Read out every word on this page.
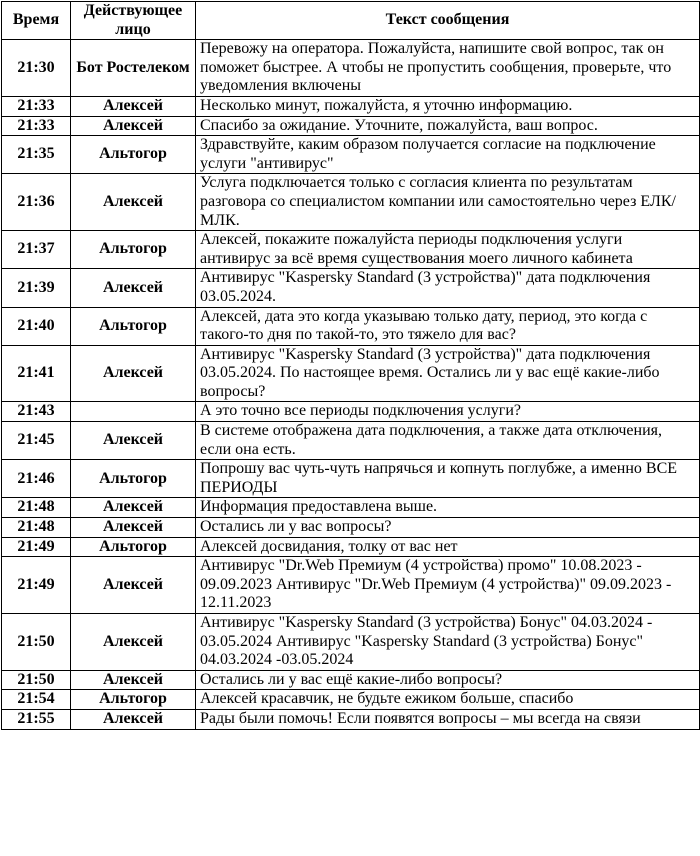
Время	Действующее лицо	Текст сообщения
21:30	Бот Ростелеком	Перевожу на оператора. Пожалуйста, напишите свой вопрос, так он поможет быстрее. А чтобы не пропустить сообщения, проверьте, что уведомления включены
21:33	Алексей	Несколько минут, пожалуйста, я уточню информацию.
21:33	Алексей	Спасибо за ожидание. Уточните, пожалуйста, ваш вопрос.
21:35	Альтогор	Здравствуйте, каким образом получается согласие на подключение услуги "антивирус"
21:36	Алексей	Услуга подключается только с согласия клиента по результатам разговора со специалистом компании или самостоятельно через ЕЛК/МЛК.
21:37	Альтогор	Алексей, покажите пожалуйста периоды подключения услуги антивирус за всё время существования моего личного кабинета
21:39	Алексей	Антивирус "Kaspersky Standard (3 устройства)" дата подключения 03.05.2024.
21:40	Альтогор	Алексей, дата это когда указываю только дату, период, это когда с такого-то дня по такой-то, это тяжело для вас?
21:41	Алексей	Антивирус "Kaspersky Standard (3 устройства)" дата подключения 03.05.2024. По настоящее время. Остались ли у вас ещё какие-либо вопросы?
21:43		А это точно все периоды подключения услуги?
21:45	Алексей	В системе отображена дата подключения, а также дата отключения, если она есть.
21:46	Альтогор	Попрошу вас чуть-чуть напрячься и копнуть поглубже, а именно ВСЕ ПЕРИОДЫ
21:48	Алексей	Информация предоставлена выше.
21:48	Алексей	Остались ли у вас вопросы?
21:49	Альтогор	Алексей досвидания, толку от вас нет
21:49	Алексей	Антивирус "Dr.Web Премиум (4 устройства) промо" 10.08.2023 - 09.09.2023 Антивирус "Dr.Web Премиум (4 устройства)" 09.09.2023 - 12.11.2023
21:50	Алексей	Антивирус "Kaspersky Standard (3 устройства) Бонус" 04.03.2024 - 03.05.2024 Антивирус "Kaspersky Standard (3 устройства) Бонус" 04.03.2024 -03.05.2024
21:50	Алексей	Остались ли у вас ещё какие-либо вопросы?
21:54	Альтогор	Алексей красавчик, не будьте ежиком больше, спасибо
21:55	Алексей	Рады были помочь! Если появятся вопросы – мы всегда на связи
